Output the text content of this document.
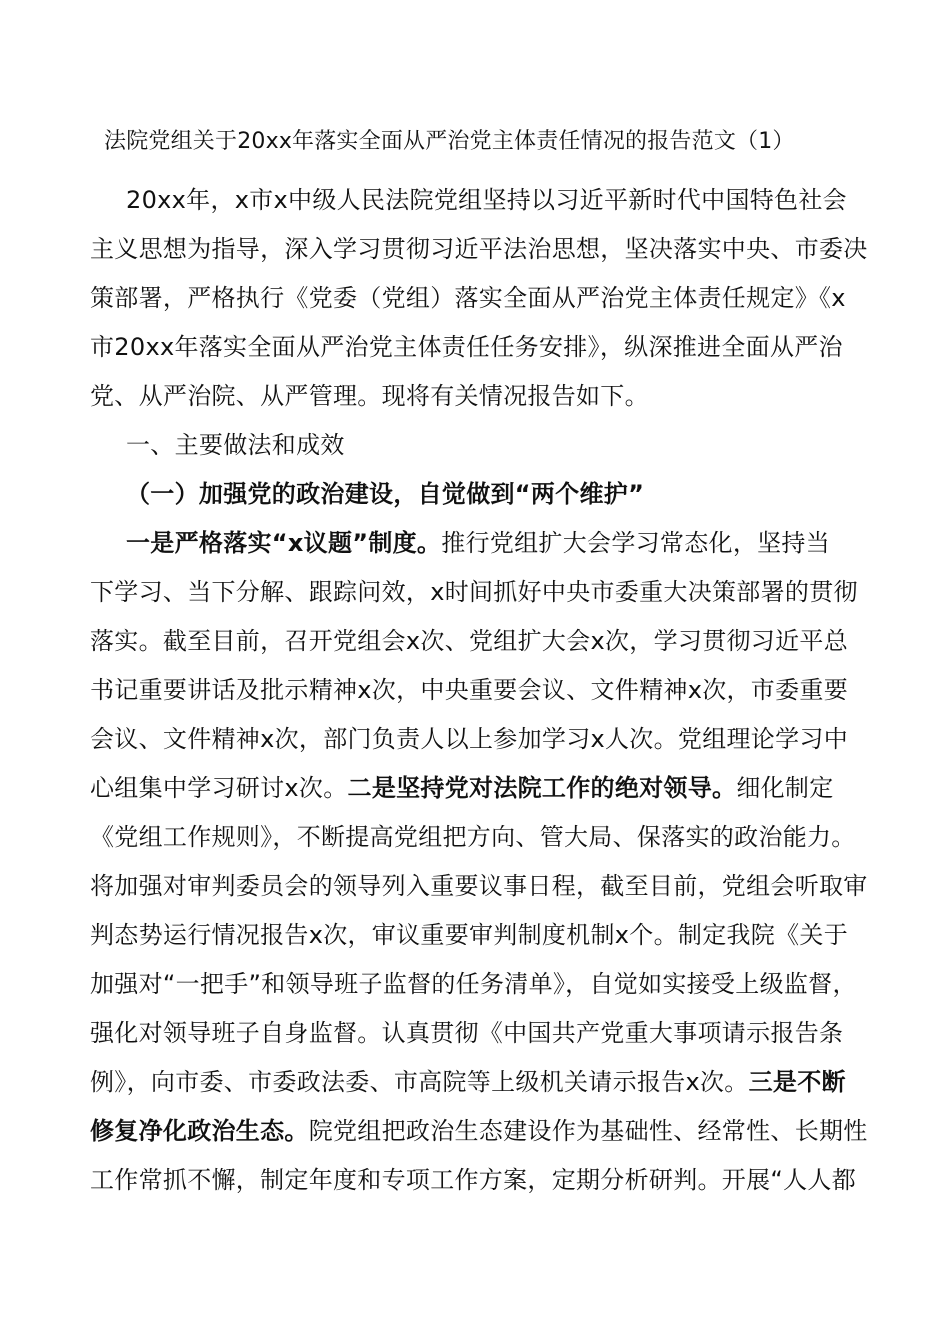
法院党组关于20xx年落实全面从严治党主体责任情况的报告范文（1）
20xx年，x市x中级人民法院党组坚持以习近平新时代中国特色社会
主义思想为指导，深入学习贯彻习近平法治思想，坚决落实中央、市委决
策部署，严格执行《党委（党组）落实全面从严治党主体责任规定》《x
市20xx年落实全面从严治党主体责任任务安排》，纵深推进全面从严治
党、从严治院、从严管理。现将有关情况报告如下。
一、主要做法和成效
（一）加强党的政治建设，自觉做到“两个维护”
一是严格落实“x议题”制度。推行党组扩大会学习常态化，坚持当
下学习、当下分解、跟踪问效，x时间抓好中央市委重大决策部署的贯彻
落实。截至目前，召开党组会x次、党组扩大会x次，学习贯彻习近平总
书记重要讲话及批示精神x次，中央重要会议、文件精神x次，市委重要
会议、文件精神x次，部门负责人以上参加学习x人次。党组理论学习中
心组集中学习研讨x次。二是坚持党对法院工作的绝对领导。细化制定
《党组工作规则》，不断提高党组把方向、管大局、保落实的政治能力。
将加强对审判委员会的领导列入重要议事日程，截至目前，党组会听取审
判态势运行情况报告x次，审议重要审判制度机制x个。制定我院《关于
加强对“一把手”和领导班子监督的任务清单》，自觉如实接受上级监督，
强化对领导班子自身监督。认真贯彻《中国共产党重大事项请示报告条
例》，向市委、市委政法委、市高院等上级机关请示报告x次。三是不断
修复净化政治生态。院党组把政治生态建设作为基础性、经常性、长期性
工作常抓不懈，制定年度和专项工作方案，定期分析研判。开展“人人都
